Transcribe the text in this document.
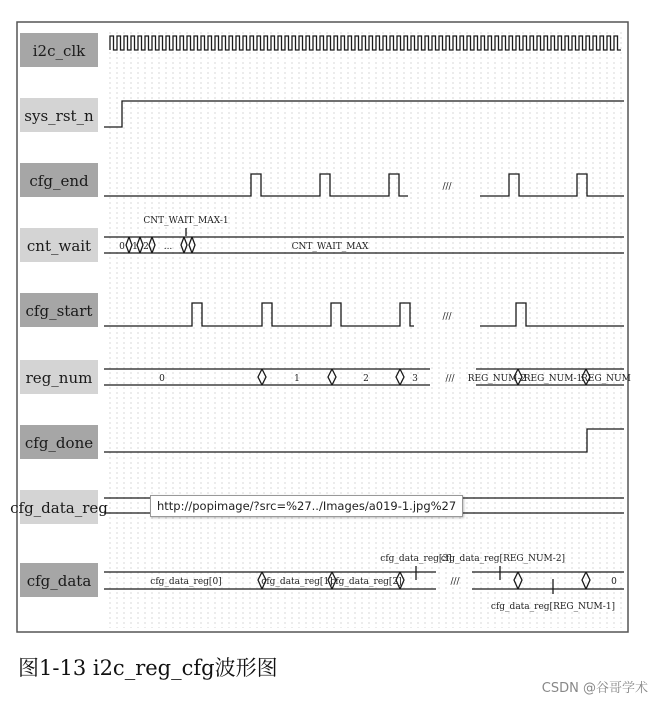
i2c_clk
sys_rst_n
cfg_end
cnt_wait
cfg_start
reg_num
cfg_done
cfg_data_reg
cfg_data
CNT_WAIT_MAX-1
0 1 2 ...	CNT_WAIT_MAX
0	1	2	3	REG_NUM-2
REG_NUM-1
REG_NUM
cfg_data_reg[0]	cfg_data_reg[1]
cfg_data_reg[2]	0
cfg_data_reg[3]
cfg_data_reg[REG_NUM-2]
cfg_data_reg[REG_NUM-1]
///
///
///
///
http://popimage/?src=%27../Images/a019-1.jpg%27
图1-13 i2c_reg_cfg波形图
CSDN @谷哥学术
